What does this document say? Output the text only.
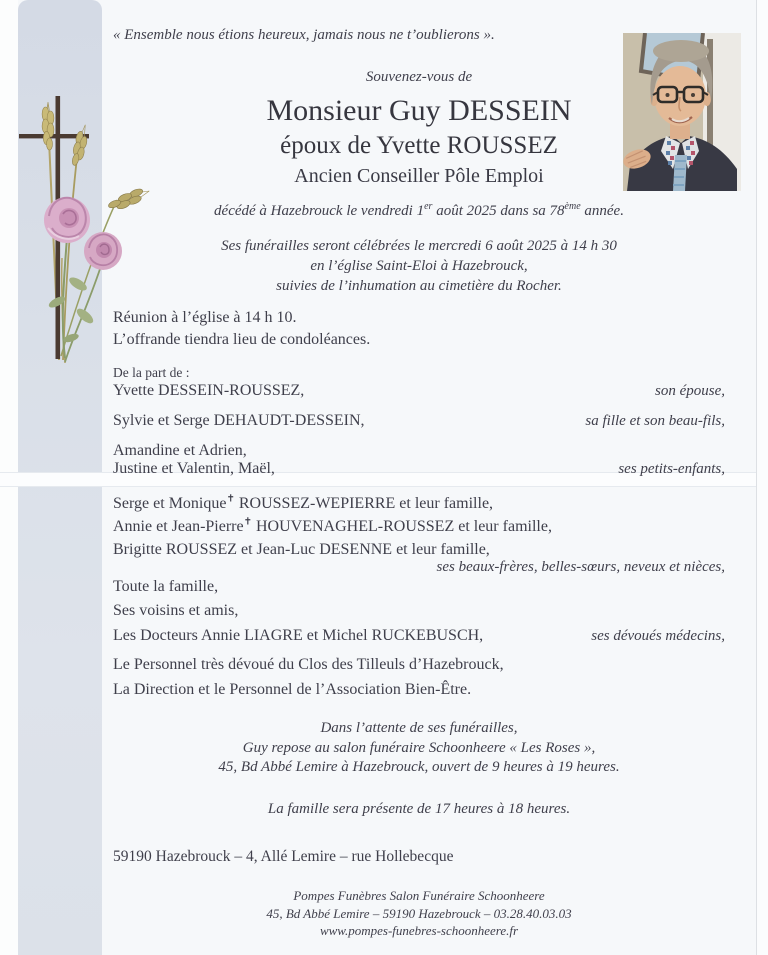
« Ensemble nous étions heureux, jamais nous ne t’oublierons ».
Souvenez-vous de
Monsieur Guy DESSEIN
époux de Yvette ROUSSEZ
Ancien Conseiller Pôle Emploi
décédé à Hazebrouck le vendredi 1er août 2025 dans sa 78ème année.
Ses funérailles seront célébrées le mercredi 6 août 2025 à 14 h 30
en l’église Saint-Eloi à Hazebrouck,
suivies de l’inhumation au cimetière du Rocher.
Réunion à l’église à 14 h 10.
L’offrande tiendra lieu de condoléances.
De la part de :
Yvette DESSEIN-ROUSSEZ,	son épouse,
Sylvie et Serge DEHAUDT-DESSEIN,	sa fille et son beau-fils,
Amandine et Adrien,
Justine et Valentin, Maël,	ses petits-enfants,
Serge et Monique✝ ROUSSEZ-WEPIERRE et leur famille,
Annie et Jean-Pierre✝ HOUVENAGHEL-ROUSSEZ et leur famille,
Brigitte ROUSSEZ et Jean-Luc DESENNE et leur famille,
ses beaux-frères, belles-sœurs, neveux et nièces,
Toute la famille,
Ses voisins et amis,
Les Docteurs Annie LIAGRE et Michel RUCKEBUSCH,	ses dévoués médecins,
Le Personnel très dévoué du Clos des Tilleuls d’Hazebrouck,
La Direction et le Personnel de l’Association Bien-Être.
Dans l’attente de ses funérailles,
Guy repose au salon funéraire Schoonheere « Les Roses »,
45, Bd Abbé Lemire à Hazebrouck, ouvert de 9 heures à 19 heures.
La famille sera présente de 17 heures à 18 heures.
59190 Hazebrouck – 4, Allé Lemire – rue Hollebecque
Pompes Funèbres Salon Funéraire Schoonheere
45, Bd Abbé Lemire – 59190 Hazebrouck – 03.28.40.03.03
www.pompes-funebres-schoonheere.fr
